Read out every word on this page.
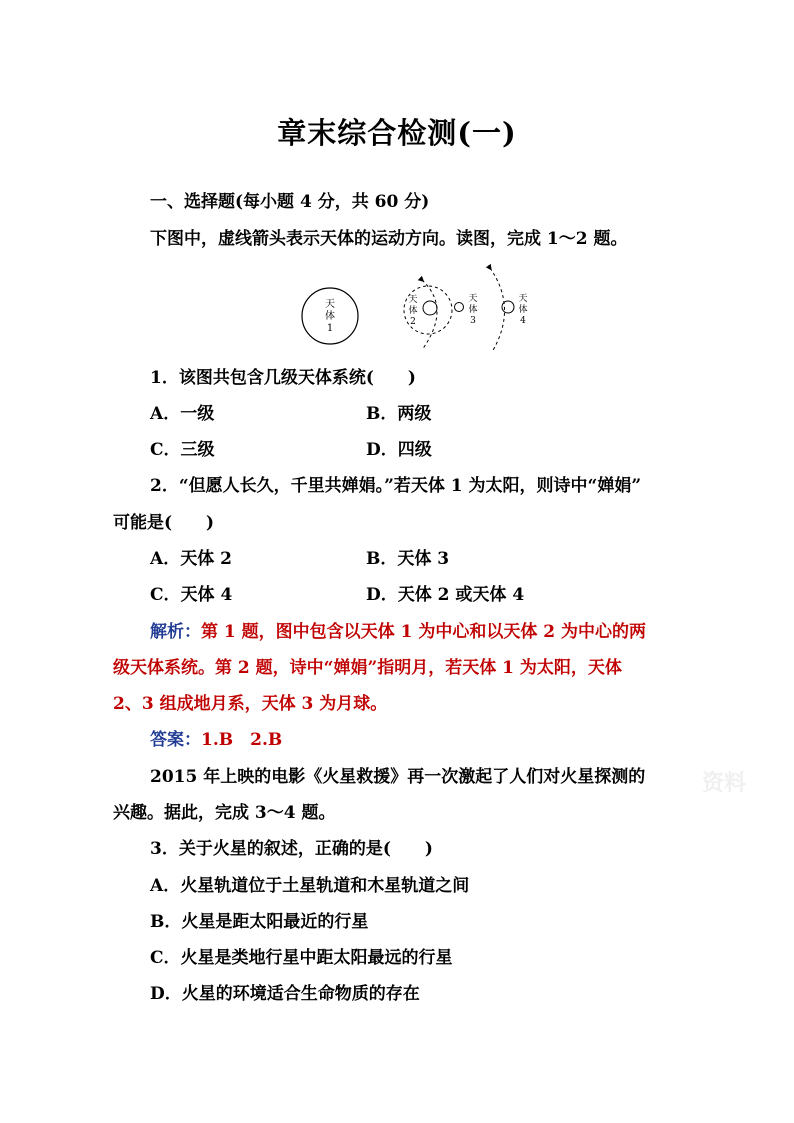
章末综合检测(一)
一、选择题(每小题 4 分，共 60 分)
下图中，虚线箭头表示天体的运动方向。读图，完成 1～2 题。
天
体
1
天
体
2
天
体
3
天
体
4
1．该图共包含几级天体系统(　　)
A．一级	B．两级
C．三级	D．四级
2．“但愿人长久，千里共婵娟。”若天体 1 为太阳，则诗中“婵娟”
可能是(　　)
A．天体 2	B．天体 3
C．天体 4	D．天体 2 或天体 4
解析：第 1 题，图中包含以天体 1 为中心和以天体 2 为中心的两
级天体系统。第 2 题，诗中“婵娟”指明月，若天体 1 为太阳，天体
2、3 组成地月系，天体 3 为月球。
答案：1.B　2.B
2015 年上映的电影《火星救援》再一次激起了人们对火星探测的
兴趣。据此，完成 3～4 题。
3．关于火星的叙述，正确的是(　　)
A．火星轨道位于土星轨道和木星轨道之间
B．火星是距太阳最近的行星
C．火星是类地行星中距太阳最远的行星
D．火星的环境适合生命物质的存在
资料
